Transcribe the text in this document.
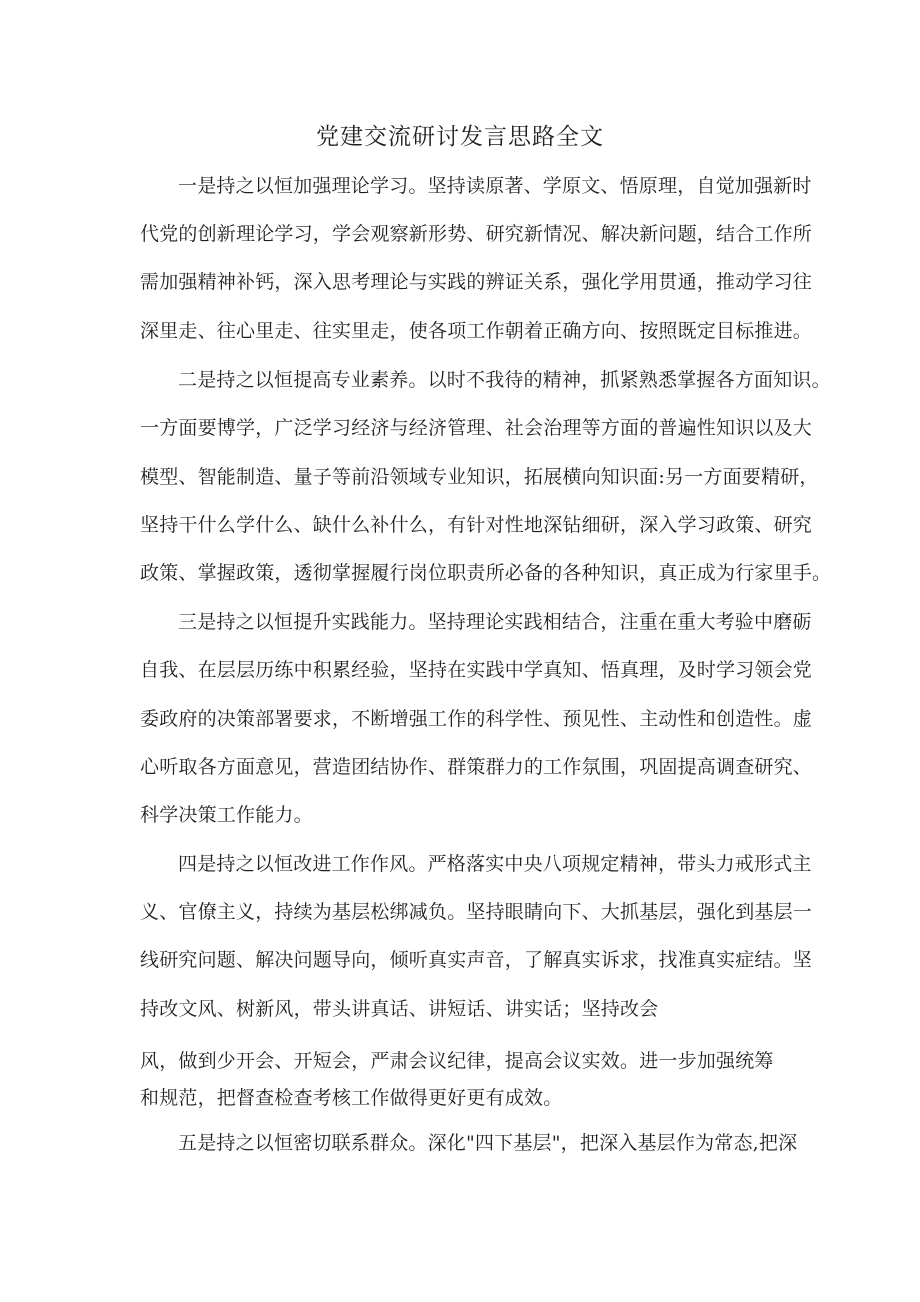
党建交流研讨发言思路全文
一是持之以恒加强理论学习。坚持读原著、学原文、悟原理，自觉加强新时
代党的创新理论学习，学会观察新形势、研究新情况、解决新问题，结合工作所
需加强精神补钙，深入思考理论与实践的辨证关系，强化学用贯通，推动学习往
深里走、往心里走、往实里走，使各项工作朝着正确方向、按照既定目标推进。
二是持之以恒提高专业素养。以时不我待的精神，抓紧熟悉掌握各方面知识。
一方面要博学，广泛学习经济与经济管理、社会治理等方面的普遍性知识以及大
模型、智能制造、量子等前沿领域专业知识，拓展横向知识面:另一方面要精研，
坚持干什么学什么、缺什么补什么，有针对性地深钻细研，深入学习政策、研究
政策、掌握政策，透彻掌握履行岗位职责所必备的各种知识，真正成为行家里手。
三是持之以恒提升实践能力。坚持理论实践相结合，注重在重大考验中磨砺
自我、在层层历练中积累经验，坚持在实践中学真知、悟真理，及时学习领会党
委政府的决策部署要求，不断增强工作的科学性、预见性、主动性和创造性。虚
心听取各方面意见，营造团结协作、群策群力的工作氛围，巩固提高调查研究、
科学决策工作能力。
四是持之以恒改进工作作风。严格落实中央八项规定精神，带头力戒形式主
义、官僚主义，持续为基层松绑减负。坚持眼睛向下、大抓基层，强化到基层一
线研究问题、解决问题导向，倾听真实声音，了解真实诉求，找准真实症结。坚
持改文风、树新风，带头讲真话、讲短话、讲实话；坚持改会
风，做到少开会、开短会，严肃会议纪律，提高会议实效。进一步加强统筹
和规范，把督查检查考核工作做得更好更有成效。
五是持之以恒密切联系群众。深化"四下基层"，把深入基层作为常态,把深
